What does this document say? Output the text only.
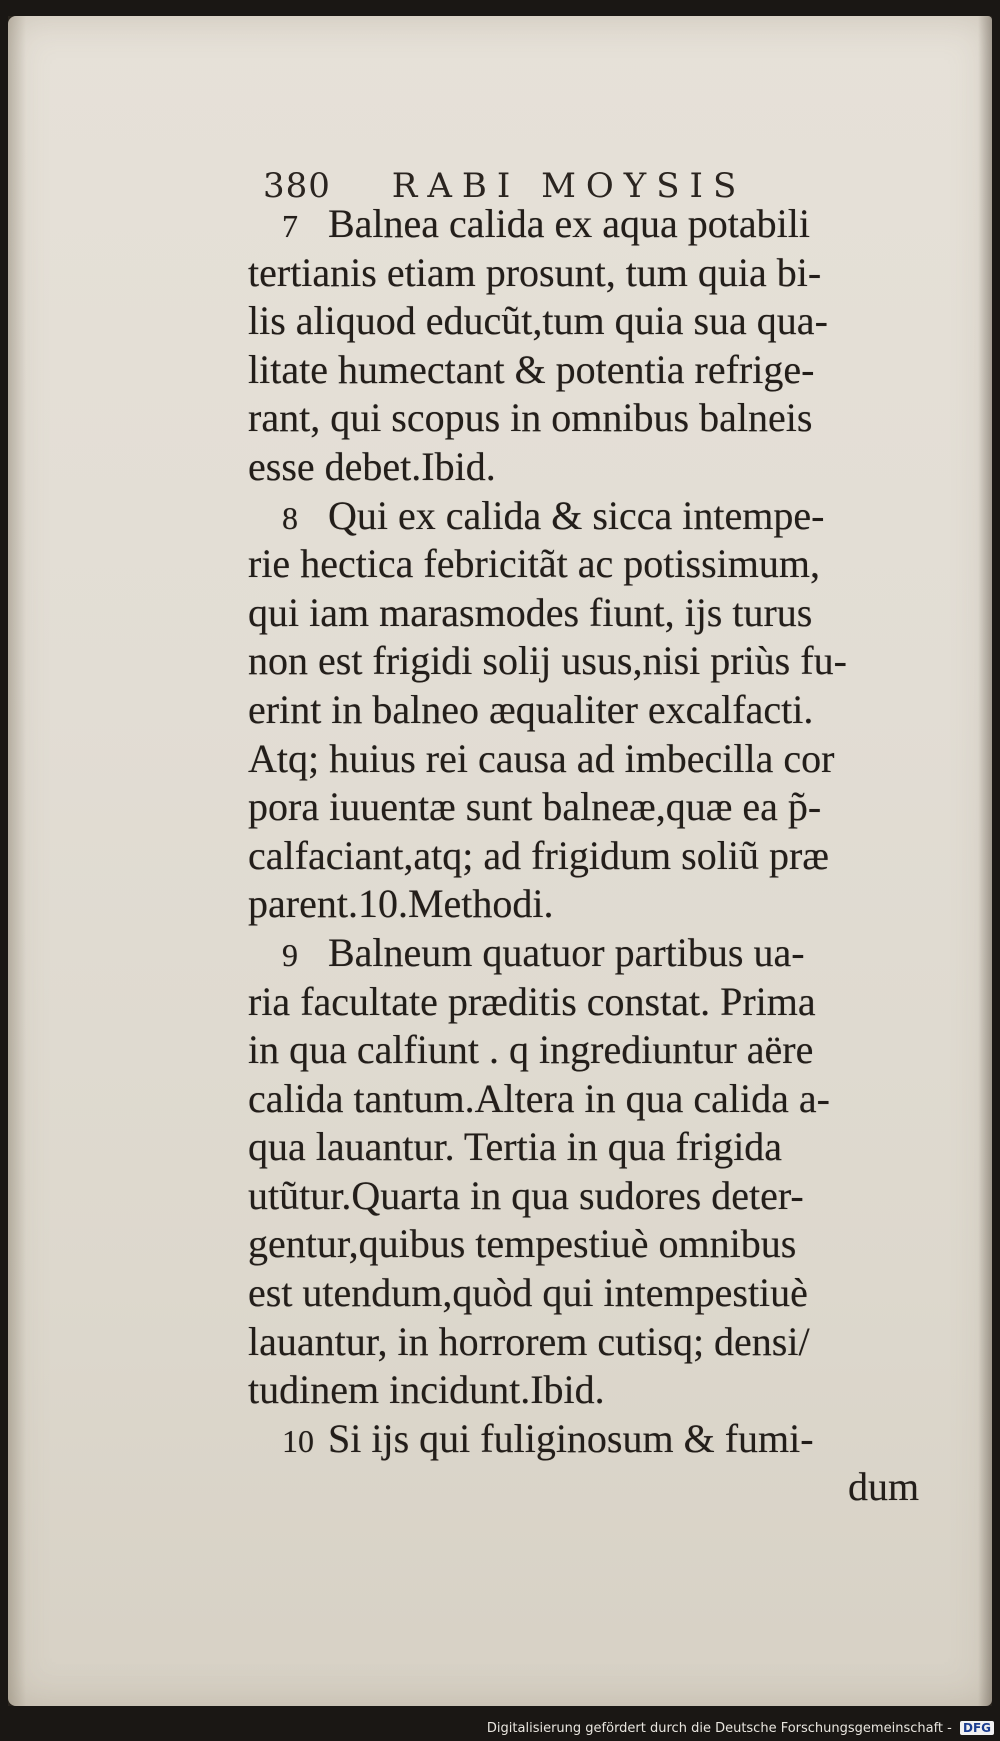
380 RABI MOYSIS
7 Balnea calida ex aqua potabili
tertianis etiam prosunt, tum quia bi-
lis aliquod educũt,tum quia sua qua-
litate humectant & potentia refrige-
rant, qui scopus in omnibus balneis
esse debet.Ibid.
8 Qui ex calida & sicca intempe-
rie hectica febricitãt ac potissimum,
qui iam marasmodes fiunt, ijs turus
non est frigidi solij usus,nisi priùs fu-
erint in balneo æqualiter excalfacti.
Atq; huius rei causa ad imbecilla cor
pora iuuentæ sunt balneæ,quæ ea p̃-
calfaciant,atq; ad frigidum soliũ præ
parent.10.Methodi.
9 Balneum quatuor partibus ua-
ria facultate præditis constat. Prima
in qua calfiunt . q ingrediuntur aëre
calida tantum.Altera in qua calida a-
qua lauantur. Tertia in qua frigida
utũtur.Quarta in qua sudores deter-
gentur,quibus tempestiuè omnibus
est utendum,quòd qui intempestiuè
lauantur, in horrorem cutisq; densi/
tudinem incidunt.Ibid.
10 Si ijs qui fuliginosum & fumi-
dum
Digitalisierung gefördert durch die Deutsche Forschungsgemeinschaft - DFG
